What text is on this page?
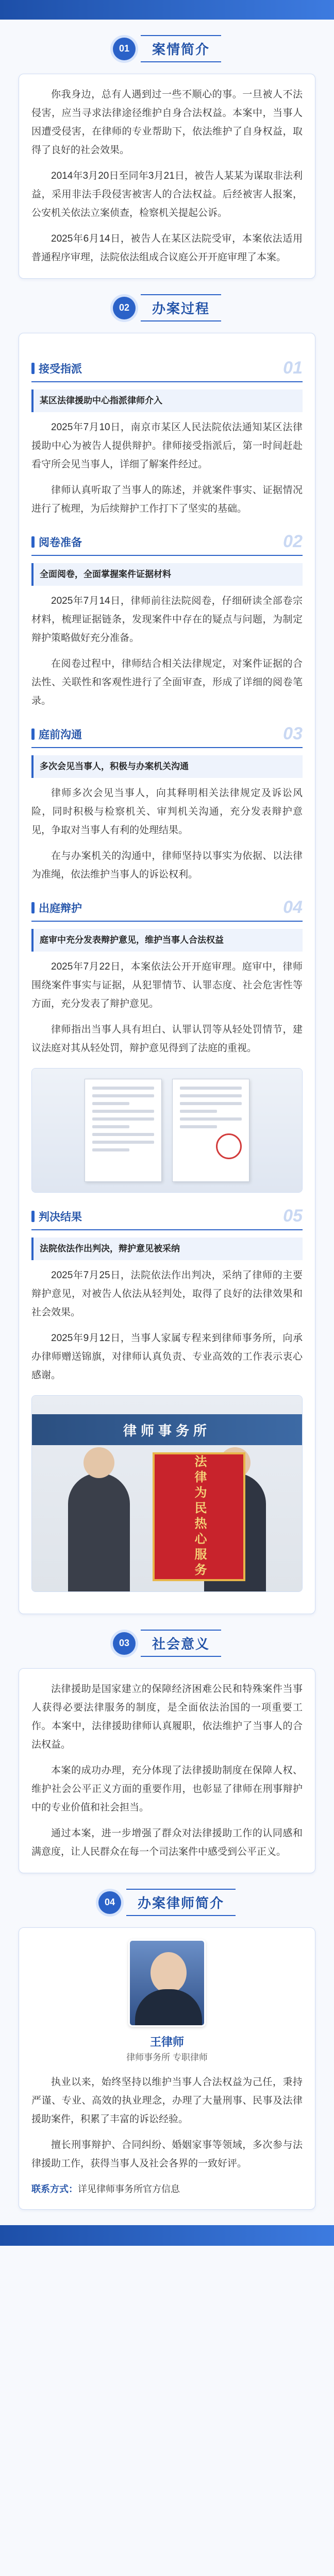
01	案情简介

你我身边，总有人遇到过一些不顺心的事。一旦被人不法侵害，应当寻求法律途径维护自身合法权益。本案中，当事人因遭受侵害，在律师的专业帮助下，依法维护了自身权益，取得了良好的社会效果。

2014年3月20日至同年3月21日，被告人某某为谋取非法利益，采用非法手段侵害被害人的合法权益。后经被害人报案，公安机关依法立案侦查，检察机关提起公诉。

2025年6月14日，被告人在某区法院受审，本案依法适用普通程序审理，法院依法组成合议庭公开开庭审理了本案。

02	办案过程
接受指派	01
某区法律援助中心指派律师介入

2025年7月10日，南京市某区人民法院依法通知某区法律援助中心为被告人提供辩护。律师接受指派后，第一时间赶赴看守所会见当事人，详细了解案件经过。

律师认真听取了当事人的陈述，并就案件事实、证据情况进行了梳理，为后续辩护工作打下了坚实的基础。

阅卷准备	02
全面阅卷，全面掌握案件证据材料

2025年7月14日，律师前往法院阅卷，仔细研读全部卷宗材料，梳理证据链条，发现案件中存在的疑点与问题，为制定辩护策略做好充分准备。

在阅卷过程中，律师结合相关法律规定，对案件证据的合法性、关联性和客观性进行了全面审查，形成了详细的阅卷笔录。

庭前沟通	03
多次会见当事人，积极与办案机关沟通

律师多次会见当事人，向其释明相关法律规定及诉讼风险，同时积极与检察机关、审判机关沟通，充分发表辩护意见，争取对当事人有利的处理结果。

在与办案机关的沟通中，律师坚持以事实为依据、以法律为准绳，依法维护当事人的诉讼权利。

出庭辩护	04
庭审中充分发表辩护意见，维护当事人合法权益

2025年7月22日，本案依法公开开庭审理。庭审中，律师围绕案件事实与证据，从犯罪情节、认罪态度、社会危害性等方面，充分发表了辩护意见。

律师指出当事人具有坦白、认罪认罚等从轻处罚情节，建议法庭对其从轻处罚，辩护意见得到了法庭的重视。

判决结果	05
法院依法作出判决，辩护意见被采纳

2025年7月25日，法院依法作出判决，采纳了律师的主要辩护意见，对被告人依法从轻判处，取得了良好的法律效果和社会效果。

2025年9月12日，当事人家属专程来到律师事务所，向承办律师赠送锦旗，对律师认真负责、专业高效的工作表示衷心感谢。

律师事务所
法律为民
热心服务
03	社会意义

法律援助是国家建立的保障经济困难公民和特殊案件当事人获得必要法律服务的制度，是全面依法治国的一项重要工作。本案中，法律援助律师认真履职，依法维护了当事人的合法权益。

本案的成功办理，充分体现了法律援助制度在保障人权、维护社会公平正义方面的重要作用，也彰显了律师在刑事辩护中的专业价值和社会担当。

通过本案，进一步增强了群众对法律援助工作的认同感和满意度，让人民群众在每一个司法案件中感受到公平正义。

04	办案律师简介
王律师
律师事务所 专职律师

执业以来，始终坚持以维护当事人合法权益为己任，秉持严谨、专业、高效的执业理念，办理了大量刑事、民事及法律援助案件，积累了丰富的诉讼经验。

擅长刑事辩护、合同纠纷、婚姻家事等领域，多次参与法律援助工作，获得当事人及社会各界的一致好评。

联系方式：详见律师事务所官方信息
